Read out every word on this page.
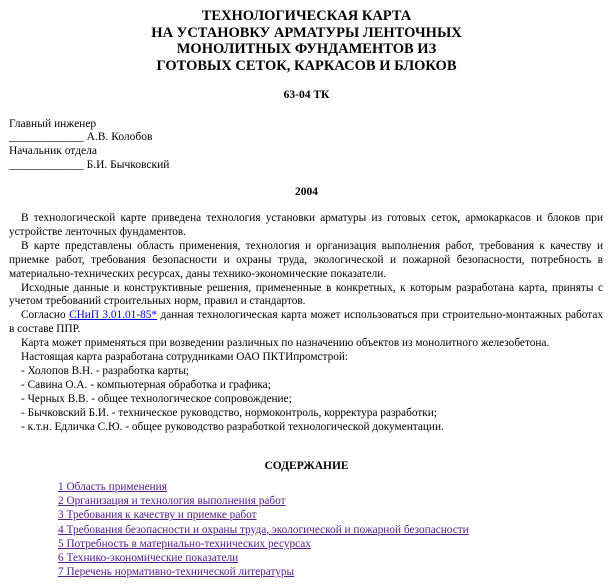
ТЕХНОЛОГИЧЕСКАЯ КАРТА
НА УСТАНОВКУ АРМАТУРЫ ЛЕНТОЧНЫХ
МОНОЛИТНЫХ ФУНДАМЕНТОВ ИЗ
ГОТОВЫХ СЕТОК, КАРКАСОВ И БЛОКОВ
63-04 ТК
Главный инженер
_____________ А.В. Колобов
Начальник отдела
_____________ Б.И. Бычковский
2004

В технологической карте приведена технология установки арматуры из готовых сеток, армокаркасов и блоков при устройстве ленточных фундаментов.

В карте представлены область применения, технология и организация выполнения работ, требования к качеству и приемке работ, требования безопасности и охраны труда, экологической и пожарной безопасности, потребность в материально-технических ресурсах, даны технико-экономические показатели.

Исходные данные и конструктивные решения, примененные в конкретных, к которым разработана карта, приняты с учетом требований строительных норм, правил и стандартов.

Согласно СНиП 3.01.01-85* данная технологическая карта может использоваться при строительно-монтажных работах в составе ППР.

Карта может применяться при возведении различных по назначению объектов из монолитного железобетона.

Настоящая карта разработана сотрудниками ОАО ПКТИпромстрой:

- Холопов В.Н. - разработка карты;
- Савина О.А. - компьютерная обработка и графика;
- Черных В.В. - общее технологическое сопровождение;
- Бычковский Б.И. - техническое руководство, нормоконтроль, корректура разработки;
- к.т.н. Едличка С.Ю. - общее руководство разработкой технологической документации.
СОДЕРЖАНИЕ
1 Область применения
2 Организация и технология выполнения работ
3 Требования к качеству и приемке работ
4 Требования безопасности и охраны труда, экологической и пожарной безопасности
5 Потребность в материально-технических ресурсах
6 Технико-экономические показатели
7 Перечень нормативно-технической литературы
